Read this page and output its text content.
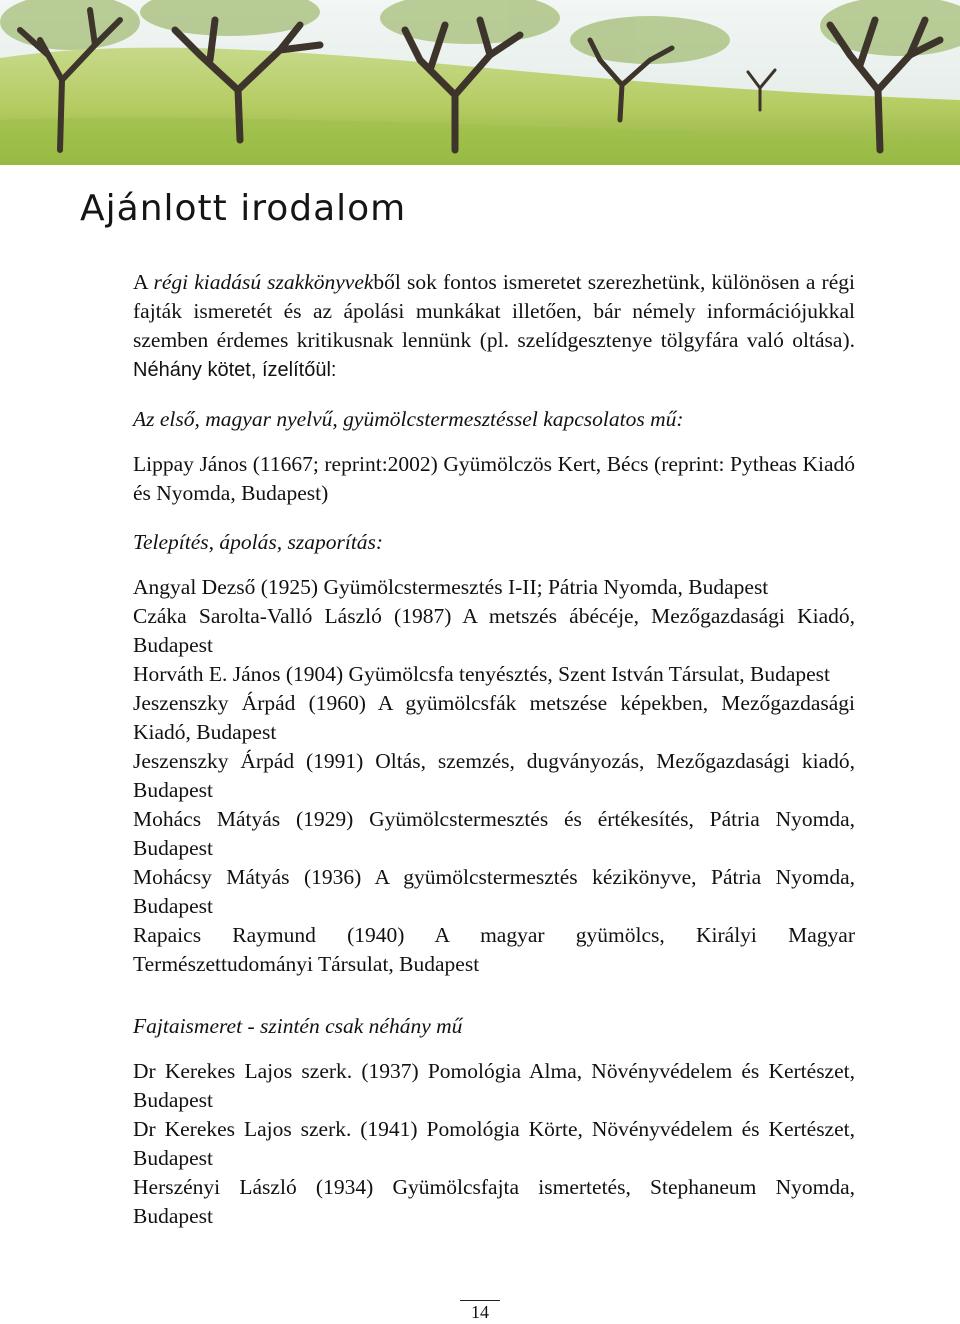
Ajánlott irodalom

A régi kiadású szakkönyvekből sok fontos ismeretet szerezhetünk, különösen a régi fajták ismeretét és az ápolási munkákat illetően, bár némely információjukkal szemben érdemes kritikusnak lennünk (pl. szelídgesztenye tölgyfára való oltása). Néhány kötet, ízelítőül:

Az első, magyar nyelvű, gyümölcstermesztéssel kapcsolatos mű:

Lippay János (11667; reprint:2002) Gyümölczös Kert, Bécs (reprint: Pytheas Kiadó és Nyomda, Budapest)

Telepítés, ápolás, szaporítás:

Angyal Dezső (1925) Gyümölcstermesztés I-II; Pátria Nyomda, Budapest

Czáka Sarolta-Valló László (1987) A metszés ábécéje, Mezőgazdasági Kiadó, Budapest

Horváth E. János (1904) Gyümölcsfa tenyésztés, Szent István Társulat, Budapest

Jeszenszky Árpád (1960) A gyümölcsfák metszése képekben, Mezőgazdasági Kiadó, Budapest

Jeszenszky Árpád (1991) Oltás, szemzés, dugványozás, Mezőgazdasági kiadó, Budapest

Mohács Mátyás (1929) Gyümölcstermesztés és értékesítés, Pátria Nyomda, Budapest

Mohácsy Mátyás (1936) A gyümölcstermesztés kézikönyve, Pátria Nyomda, Budapest

Rapaics Raymund (1940) A magyar gyümölcs, Királyi Magyar Természettudományi Társulat, Budapest

Fajtaismeret - szintén csak néhány mű

Dr Kerekes Lajos szerk. (1937) Pomológia Alma, Növényvédelem és Kertészet, Budapest

Dr Kerekes Lajos szerk. (1941) Pomológia Körte, Növényvédelem és Kertészet, Budapest

Herszényi László (1934) Gyümölcsfajta ismertetés, Stephaneum Nyomda, Budapest

14
